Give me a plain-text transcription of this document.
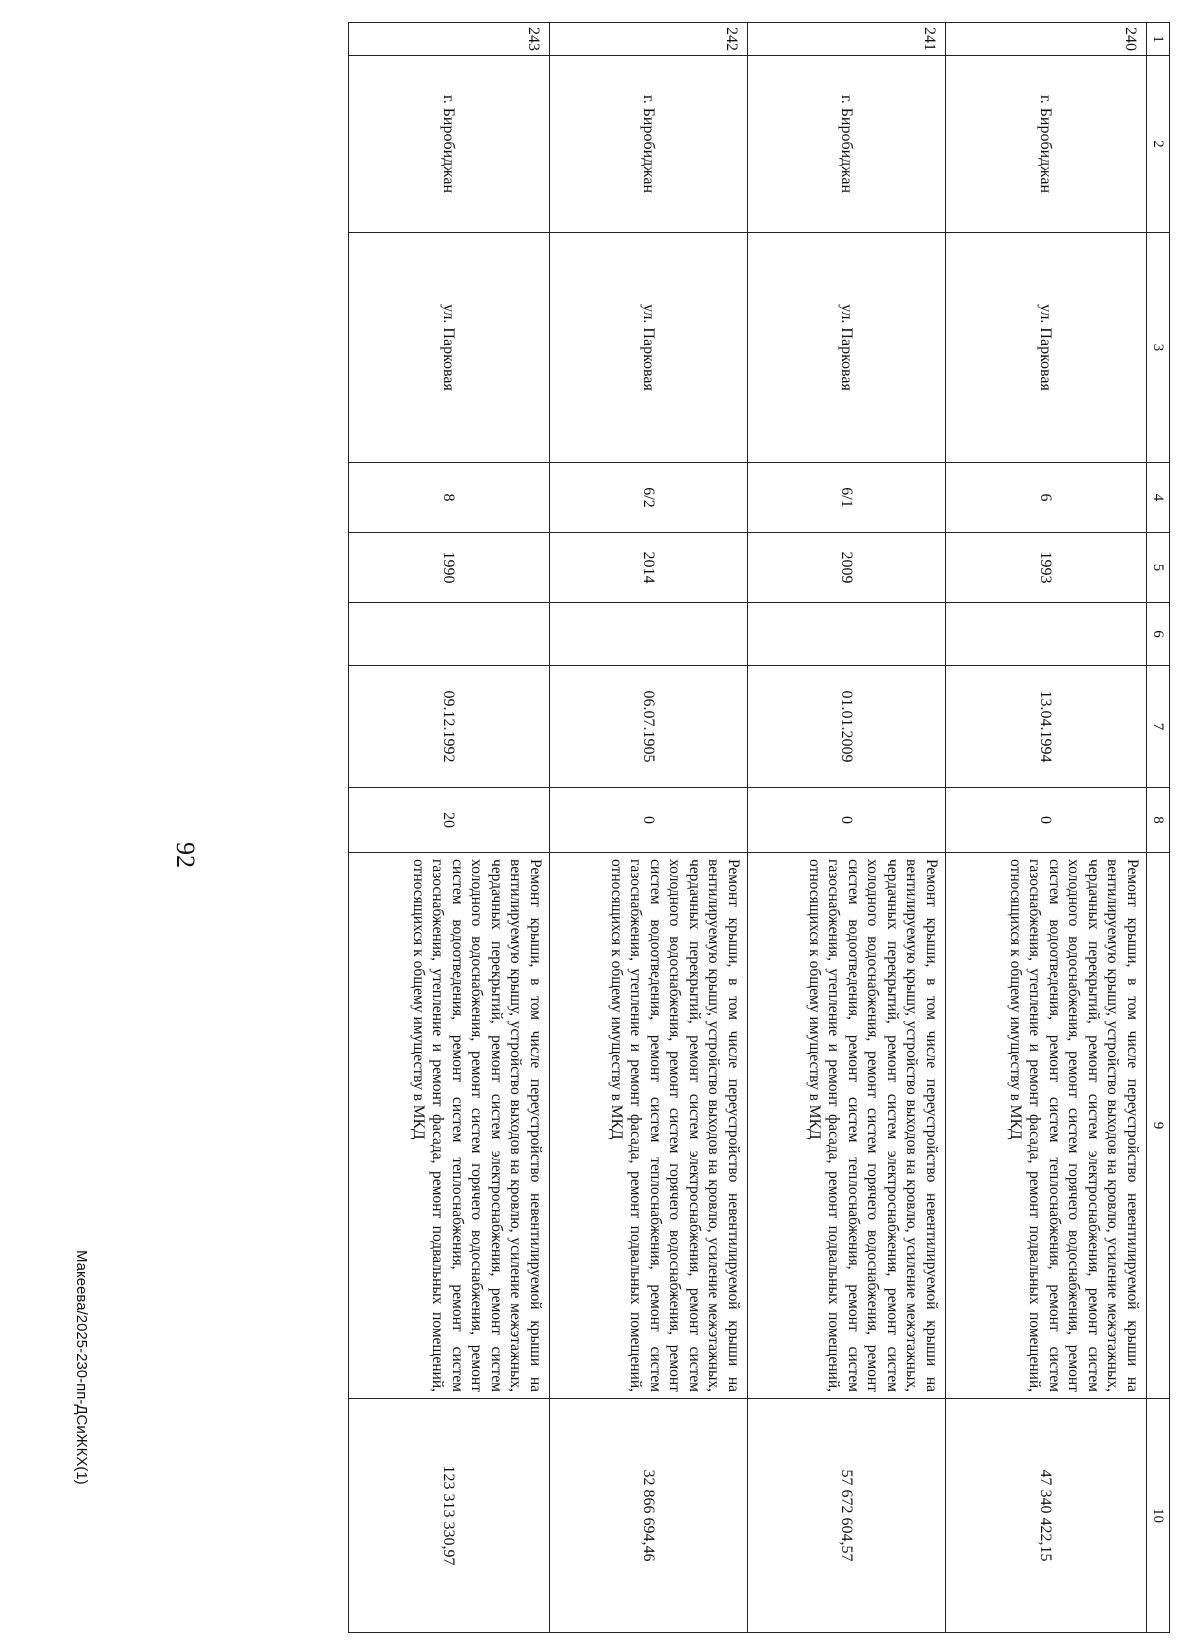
92
1	2	3	4	5	6	7	8	9	10
240	г. Биробиджан	ул. Парковая	6	1993		13.04.1994	0	Ремонт крыши, в том числе переустройство невентилируемой крыши на вентилируемую крышу, устройство выходов на кровлю, усиление межэтажных, чердачных перекрытий, ремонт систем электроснабжения, ремонт систем холодного водоснабжения, ремонт систем горячего водоснабжения, ремонт систем водоотведения, ремонт систем теплоснабжения, ремонт систем газоснабжения, утепление и ремонт фасада, ремонт подвальных помещений, относящихся к общему имуществу в МКД	47 340 422,15
241	г. Биробиджан	ул. Парковая	6/1	2009		01.01.2009	0	Ремонт крыши, в том числе переустройство невентилируемой крыши на вентилируемую крышу, устройство выходов на кровлю, усиление межэтажных, чердачных перекрытий, ремонт систем электроснабжения, ремонт систем холодного водоснабжения, ремонт систем горячего водоснабжения, ремонт систем водоотведения, ремонт систем теплоснабжения, ремонт систем газоснабжения, утепление и ремонт фасада, ремонт подвальных помещений, относящихся к общему имуществу в МКД	57 672 604,57
242	г. Биробиджан	ул. Парковая	6/2	2014		06.07.1905	0	Ремонт крыши, в том числе переустройство невентилируемой крыши на вентилируемую крышу, устройство выходов на кровлю, усиление межэтажных, чердачных перекрытий, ремонт систем электроснабжения, ремонт систем холодного водоснабжения, ремонт систем горячего водоснабжения, ремонт систем водоотведения, ремонт систем теплоснабжения, ремонт систем газоснабжения, утепление и ремонт фасада, ремонт подвальных помещений, относящихся к общему имуществу в МКД	32 866 694,46
243	г. Биробиджан	ул. Парковая	8	1990		09.12.1992	20	Ремонт крыши, в том числе переустройство невентилируемой крыши на вентилируемую крышу, устройство выходов на кровлю, усиление межэтажных, чердачных перекрытий, ремонт систем электроснабжения, ремонт систем холодного водоснабжения, ремонт систем горячего водоснабжения, ремонт систем водоотведения, ремонт систем теплоснабжения, ремонт систем газоснабжения, утепление и ремонт фасада, ремонт подвальных помещений, относящихся к общему имуществу в МКД	123 313 330,97
Макеева/2025-230-пп-ДСиЖКХ(1)
